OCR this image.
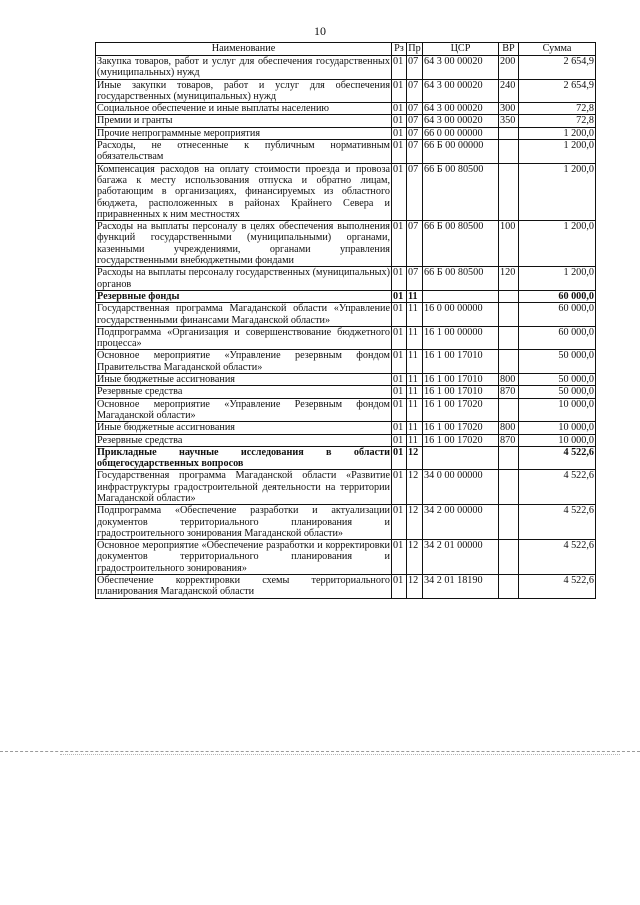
10
Наименование	Рз	Пр	ЦСР	ВР	Сумма
Закупка товаров, работ и услуг для обеспечения государственных (муниципальных) нужд	01	07	64 3 00 00020	200	2 654,9
Иные закупки товаров, работ и услуг для обеспечения государственных (муниципальных) нужд	01	07	64 3 00 00020	240	2 654,9
Социальное обеспечение и иные выплаты населению	01	07	64 3 00 00020	300	72,8
Премии и гранты	01	07	64 3 00 00020	350	72,8
Прочие непрограммные мероприятия	01	07	66 0 00 00000		1 200,0
Расходы, не отнесенные к публичным нормативным обязательствам	01	07	66 Б 00 00000		1 200,0
Компенсация расходов на оплату стоимости проезда и провоза багажа к месту использования отпуска и обратно лицам, работающим в организациях, финансируемых из областного бюджета, расположенных в районах Крайнего Севера и приравненных к ним местностях	01	07	66 Б 00 80500		1 200,0
Расходы на выплаты персоналу в целях обеспечения выполнения функций государственными (муниципальными) органами, казенными учреждениями, органами управления государственными внебюджетными фондами	01	07	66 Б 00 80500	100	1 200,0
Расходы на выплаты персоналу государственных (муниципальных) органов	01	07	66 Б 00 80500	120	1 200,0
Резервные фонды	01	11			60 000,0
Государственная программа Магаданской области «Управление государственными финансами Магаданской области»	01	11	16 0 00 00000		60 000,0
Подпрограмма «Организация и совершенствование бюджетного процесса»	01	11	16 1 00 00000		60 000,0
Основное мероприятие «Управление резервным фондом Правительства Магаданской области»	01	11	16 1 00 17010		50 000,0
Иные бюджетные ассигнования	01	11	16 1 00 17010	800	50 000,0
Резервные средства	01	11	16 1 00 17010	870	50 000,0
Основное мероприятие «Управление Резервным фондом Магаданской области»	01	11	16 1 00 17020		10 000,0
Иные бюджетные ассигнования	01	11	16 1 00 17020	800	10 000,0
Резервные средства	01	11	16 1 00 17020	870	10 000,0
Прикладные научные исследования в области общегосударственных вопросов	01	12			4 522,6
Государственная программа Магаданской области «Развитие инфраструктуры градостроительной деятельности на территории Магаданской области»	01	12	34 0 00 00000		4 522,6
Подпрограмма «Обеспечение разработки и актуализации документов территориального планирования и градостроительного зонирования Магаданской области»	01	12	34 2 00 00000		4 522,6
Основное мероприятие «Обеспечение разработки и корректировки документов территориального планирования и градостроительного зонирования»	01	12	34 2 01 00000		4 522,6
Обеспечение корректировки схемы территориального планирования Магаданской области	01	12	34 2 01 18190		4 522,6
